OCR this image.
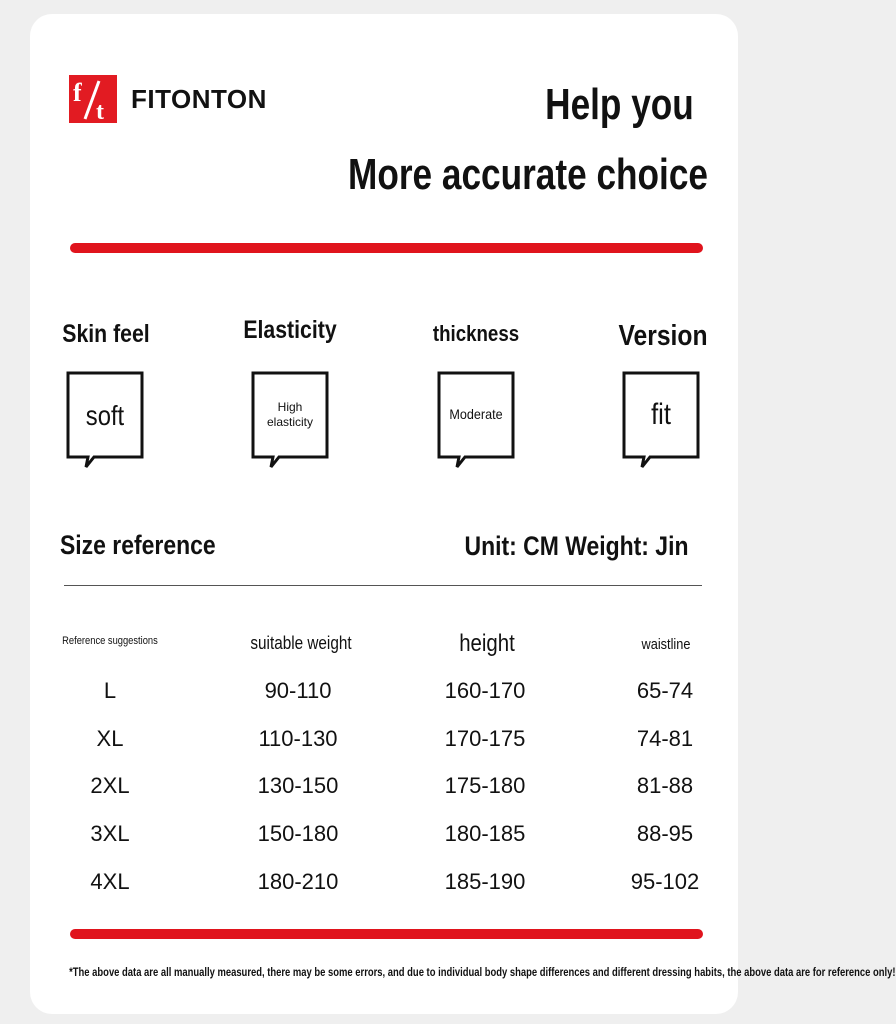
f
t FITONTON	Help you
More accurate choice
Skin feel	Elasticity	thickness	Version
soft	High elasticity	Moderate	fit
Size reference	Unit: CM Weight: Jin
Reference suggestions	suitable weight	height	waistline
L	90-110	160-170	65-74
XL	110-130	170-175	74-81
2XL	130-150	175-180	81-88
3XL	150-180	180-185	88-95
4XL	180-210	185-190	95-102
*The above data are all manually measured, there may be some errors, and due to individual body shape differences and different dressing habits, the above data are for reference only!
